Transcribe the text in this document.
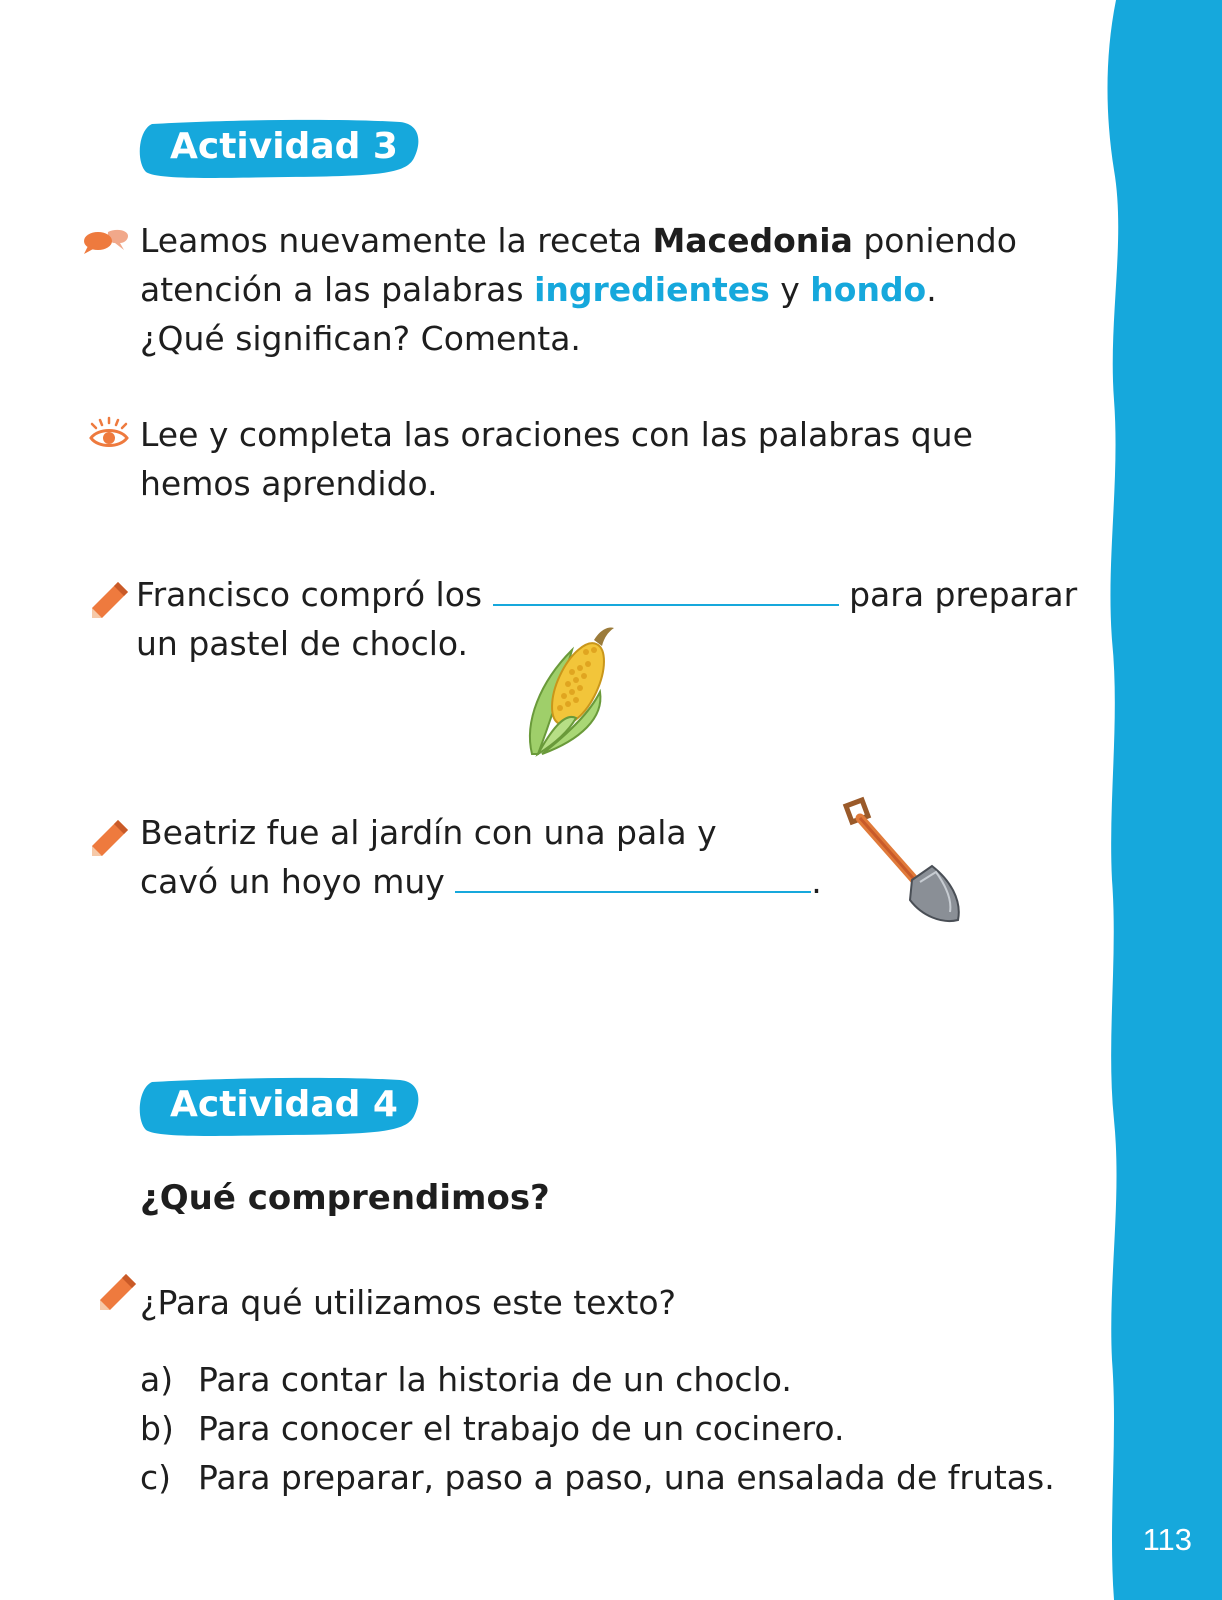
113
Actividad 3
Leamos nuevamente la receta Macedonia poniendo
atención a las palabras ingredientes y hondo.
¿Qué significan? Comenta.
Lee y completa las oraciones con las palabras que
hemos aprendido.
Francisco compró los	para preparar
un pastel de choclo.
Beatriz fue al jardín con una pala y
cavó un hoyo muy	.
Actividad 4
¿Qué comprendimos?
¿Para qué utilizamos este texto?
a) Para contar la historia de un choclo.
b) Para conocer el trabajo de un cocinero.
c) Para preparar, paso a paso, una ensalada de frutas.
